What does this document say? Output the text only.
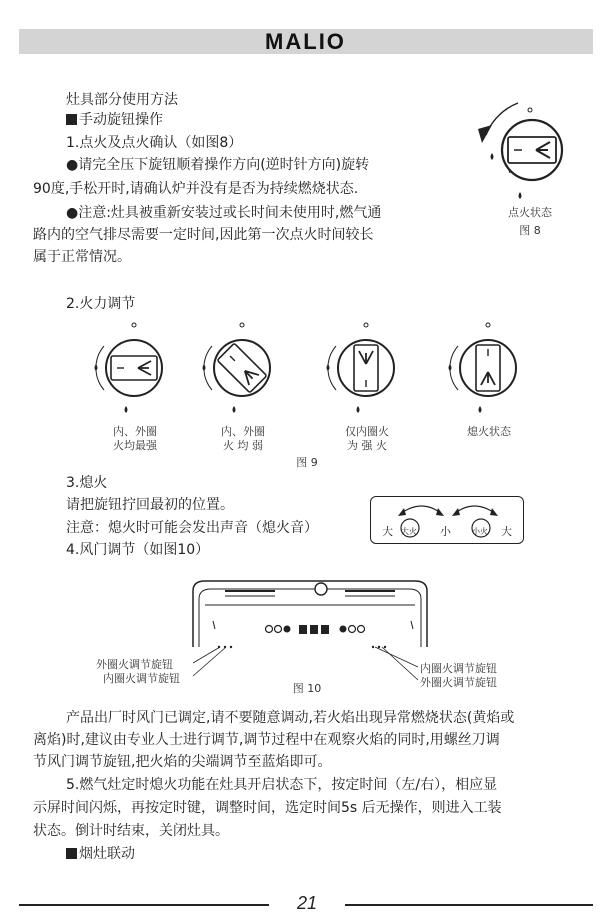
MALIO
灶具部分使用方法
手动旋钮操作
1.点火及点火确认（如图8）
●请完全压下旋钮顺着操作方向(逆时针方向)旋转
90度,手松开时,请确认炉并没有是否为持续燃烧状态.
●注意:灶具被重新安装过或长时间未使用时,燃气通
路内的空气排尽需要一定时间,因此第一次点火时间较长
属于正常情况。
点火状态
图 8
2.火力调节
内、外圈
火均最强
内、外圈
火 均 弱
仅内圈火
为 强 火
熄火状态
图 9
3.熄火
请把旋钮拧回最初的位置。
注意：熄火时可能会发出声音（熄火音）	大 大火 小	小火 大
4.风门调节（如图10）
外圈火调节旋钮
内圈火调节旋钮
内圈火调节旋钮
外圈火调节旋钮
图 10
产品出厂时风门已调定,请不要随意调动,若火焰出现异常燃烧状态(黄焰或
离焰)时,建议由专业人士进行调节,调节过程中在观察火焰的同时,用螺丝刀调
节风门调节旋钮,把火焰的尖端调节至蓝焰即可。
5.燃气灶定时熄火功能在灶具开启状态下，按定时间（左/右），相应显
示屏时间闪烁，再按定时键，调整时间，选定时间5s 后无操作，则进入工装
状态。倒计时结束，关闭灶具。
烟灶联动
21
